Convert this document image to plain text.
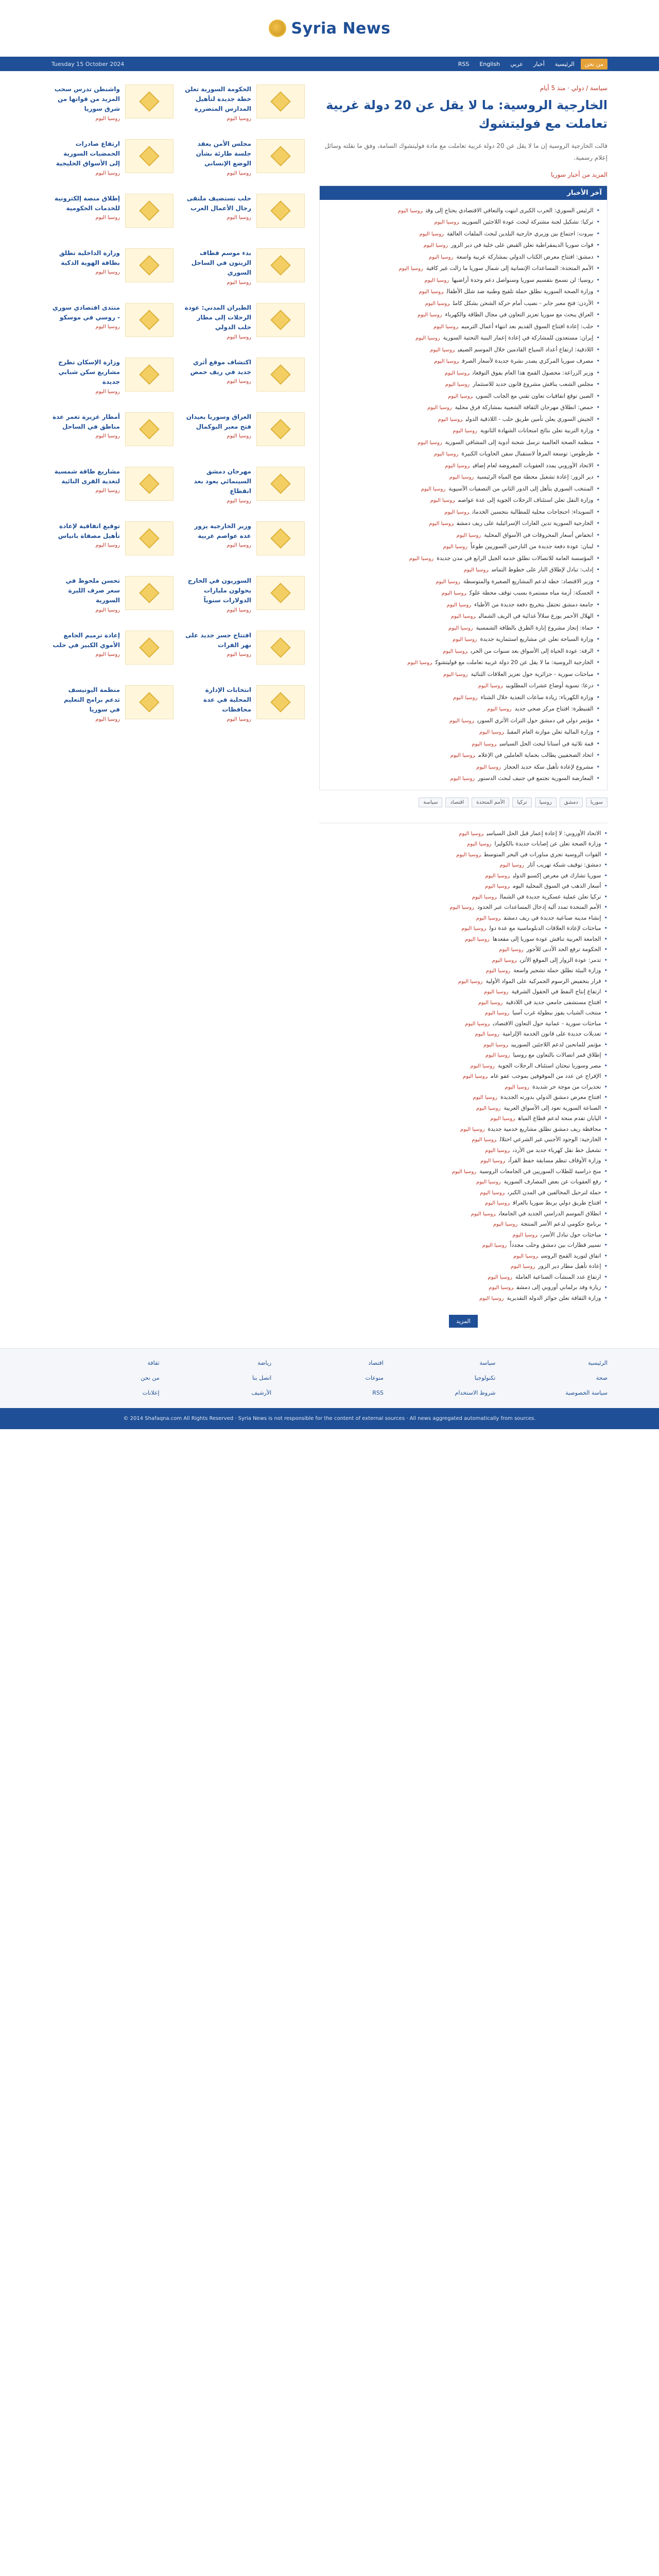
Syria News
من نحن
الرئيسية
أخبار
عربي
English
RSS
Tuesday 15 October 2024
سياسة / دولي · منذ 5 أيام
الخارجية الروسية: ما لا يقل عن 20 دولة غربية تعاملت مع فوليتشوك

قالت الخارجية الروسية إن ما لا يقل عن 20 دولة غربية تعاملت مع مادة فوليتشوك السامة، وفق ما نقلته وسائل إعلام رسمية.

المزيد من أخبار سوريا
آخر الأخبار
• الرئيس السوري: الحرب الكبرى انتهت والتعافي الاقتصادي يحتاج إلى وقتروسيا اليوم
• تركيا: تشكيل لجنة مشتركة لبحث عودة اللاجئين السوريينروسيا اليوم
• بيروت: اجتماع بين وزيري خارجية البلدين لبحث الملفات العالقةروسيا اليوم
• قوات سوريا الديمقراطية تعلن القبض على خلية في دير الزورروسيا اليوم
• دمشق: افتتاح معرض الكتاب الدولي بمشاركة عربية واسعةروسيا اليوم
• الأمم المتحدة: المساعدات الإنسانية إلى شمال سوريا ما زالت غير كافيةروسيا اليوم
• روسيا: لن نسمح بتقسيم سوريا وسنواصل دعم وحدة أراضيهاروسيا اليوم
• وزارة الصحة السورية تطلق حملة تلقيح وطنية ضد شلل الأطفالروسيا اليوم
• الأردن: فتح معبر جابر - نصيب أمام حركة الشحن بشكل كاملروسيا اليوم
• العراق يبحث مع سوريا تعزيز التعاون في مجال الطاقة والكهرباءروسيا اليوم
• حلب: إعادة افتتاح السوق القديم بعد انتهاء أعمال الترميمروسيا اليوم
• إيران: مستعدون للمشاركة في إعادة إعمار البنية التحتية السوريةروسيا اليوم
• اللاذقية: ارتفاع أعداد السياح القادمين خلال الموسم الصيفيروسيا اليوم
• مصرف سوريا المركزي يصدر نشرة جديدة لأسعار الصرفروسيا اليوم
• وزير الزراعة: محصول القمح هذا العام يفوق التوقعاتروسيا اليوم
• مجلس الشعب يناقش مشروع قانون جديد للاستثمارروسيا اليوم
• الصين توقع اتفاقيات تعاون تقني مع الجانب السوريروسيا اليوم
• حمص: انطلاق مهرجان الثقافة الشعبية بمشاركة فرق محليةروسيا اليوم
• الجيش السوري يعلن تأمين طريق حلب - اللاذقية الدوليروسيا اليوم
• وزارة التربية تعلن نتائج امتحانات الشهادة الثانويةروسيا اليوم
• منظمة الصحة العالمية ترسل شحنة أدوية إلى المشافي السوريةروسيا اليوم
• طرطوس: توسعة المرفأ لاستقبال سفن الحاويات الكبيرةروسيا اليوم
• الاتحاد الأوروبي يمدد العقوبات المفروضة لعام إضافيروسيا اليوم
• دير الزور: إعادة تشغيل محطة ضخ المياه الرئيسيةروسيا اليوم
• المنتخب السوري يتأهل إلى الدور الثاني من التصفيات الآسيويةروسيا اليوم
• وزارة النقل تعلن استئناف الرحلات الجوية إلى عدة عواصمروسيا اليوم
• السويداء: احتجاجات محلية للمطالبة بتحسين الخدماتروسيا اليوم
• الخارجية السورية تدين الغارات الإسرائيلية على ريف دمشقروسيا اليوم
• انخفاض أسعار المحروقات في الأسواق المحليةروسيا اليوم
• لبنان: عودة دفعة جديدة من النازحين السوريين طوعاًروسيا اليوم
• المؤسسة العامة للاتصالات تطلق خدمة الجيل الرابع في مدن جديدةروسيا اليوم
• إدلب: تبادل لإطلاق النار على خطوط التماسروسيا اليوم
• وزير الاقتصاد: خطة لدعم المشاريع الصغيرة والمتوسطةروسيا اليوم
• الحسكة: أزمة مياه مستمرة بسبب توقف محطة علوكروسيا اليوم
• جامعة دمشق تحتفل بتخريج دفعة جديدة من الأطباءروسيا اليوم
• الهلال الأحمر يوزع سلالاً غذائية في الريف الشماليروسيا اليوم
• حماة: إنجاز مشروع إنارة الطرق بالطاقة الشمسيةروسيا اليوم
• وزارة السياحة تعلن عن مشاريع استثمارية جديدةروسيا اليوم
• الرقة: عودة الحياة إلى الأسواق بعد سنوات من الحربروسيا اليوم
• الخارجية الروسية: ما لا يقل عن 20 دولة غربية تعاملت مع فوليتشوكروسيا اليوم
• مباحثات سورية - جزائرية حول تعزيز العلاقات الثنائيةروسيا اليوم
• درعا: تسوية أوضاع عشرات المطلوبينروسيا اليوم
• وزارة الكهرباء: زيادة ساعات التغذية خلال الشتاءروسيا اليوم
• القنيطرة: افتتاح مركز صحي جديدروسيا اليوم
• مؤتمر دولي في دمشق حول التراث الأثري السوريروسيا اليوم
• وزارة المالية تعلن موازنة العام المقبلروسيا اليوم
• قمة ثلاثية في أستانا لبحث الحل السياسيروسيا اليوم
• اتحاد الصحفيين يطالب بحماية العاملين في الإعلامروسيا اليوم
• مشروع لإعادة تأهيل سكة حديد الحجازروسيا اليوم
• المعارضة السورية تجتمع في جنيف لبحث الدستورروسيا اليوم
سوريا
دمشق
روسيا
تركيا
الأمم المتحدة
اقتصاد
سياسة
• الاتحاد الأوروبي: لا إعادة إعمار قبل الحل السياسيروسيا اليوم
• وزارة الصحة تعلن عن إصابات جديدة بالكوليراروسيا اليوم
• القوات الروسية تجري مناورات في البحر المتوسطروسيا اليوم
• دمشق: توقيف شبكة تهريب آثارروسيا اليوم
• سوريا تشارك في معرض إكسبو الدوليروسيا اليوم
• أسعار الذهب في السوق المحلية اليومروسيا اليوم
• تركيا تعلن عملية عسكرية جديدة في الشمالروسيا اليوم
• الأمم المتحدة تمدد آلية إدخال المساعدات عبر الحدودروسيا اليوم
• إنشاء مدينة صناعية جديدة في ريف دمشقروسيا اليوم
• مباحثات لإعادة العلاقات الدبلوماسية مع عدة دولروسيا اليوم
• الجامعة العربية تناقش عودة سوريا إلى مقعدهاروسيا اليوم
• الحكومة ترفع الحد الأدنى للأجورروسيا اليوم
• تدمر: عودة الزوار إلى الموقع الأثريروسيا اليوم
• وزارة البيئة تطلق حملة تشجير واسعةروسيا اليوم
• قرار بتخفيض الرسوم الجمركية على المواد الأوليةروسيا اليوم
• ارتفاع إنتاج النفط في الحقول الشرقيةروسيا اليوم
• افتتاح مستشفى جامعي جديد في اللاذقيةروسيا اليوم
• منتخب الشباب يفوز ببطولة غرب آسياروسيا اليوم
• مباحثات سورية - عمانية حول التعاون الاقتصاديروسيا اليوم
• تعديلات جديدة على قانون الخدمة الإلزاميةروسيا اليوم
• مؤتمر للمانحين لدعم اللاجئين السوريينروسيا اليوم
• إطلاق قمر اتصالات بالتعاون مع روسياروسيا اليوم
• مصر وسوريا تبحثان استئناف الرحلات الجويةروسيا اليوم
• الإفراج عن عدد من الموقوفين بموجب عفو عامروسيا اليوم
• تحذيرات من موجة حر شديدةروسيا اليوم
• افتتاح معرض دمشق الدولي بدورته الجديدةروسيا اليوم
• الصناعة السورية تعود إلى الأسواق العربيةروسيا اليوم
• اليابان تقدم منحة لدعم قطاع المياهروسيا اليوم
• محافظة ريف دمشق تطلق مشاريع خدمية جديدةروسيا اليوم
• الخارجية: الوجود الأجنبي غير الشرعي احتلالروسيا اليوم
• تشغيل خط نقل كهرباء جديد من الأردنروسيا اليوم
• وزارة الأوقاف تنظم مسابقة حفظ القرآنروسيا اليوم
• منح دراسية للطلاب السوريين في الجامعات الروسيةروسيا اليوم
• رفع العقوبات عن بعض المصارف السوريةروسيا اليوم
• حملة لترحيل المخالفين في المدن الكبرىروسيا اليوم
• افتتاح طريق دولي يربط سوريا بالعراقروسيا اليوم
• انطلاق الموسم الدراسي الجديد في الجامعاتروسيا اليوم
• برنامج حكومي لدعم الأسر المنتجةروسيا اليوم
• مباحثات حول تبادل الأسرىروسيا اليوم
• تسيير قطارات بين دمشق وحلب مجدداًروسيا اليوم
• اتفاق لتوريد القمح الروسيروسيا اليوم
• إعادة تأهيل مطار دير الزورروسيا اليوم
• ارتفاع عدد المنشآت الصناعية العاملةروسيا اليوم
• زيارة وفد برلماني أوروبي إلى دمشقروسيا اليوم
• وزارة الثقافة تعلن جوائز الدولة التقديريةروسيا اليوم
المزيد
الحكومة السورية تعلن خطة جديدة لتأهيل المدارس المتضررة
روسيا اليوم
واشنطن تدرس سحب المزيد من قواتها من شرق سوريا
روسيا اليوم
مجلس الأمن يعقد جلسة طارئة بشأن الوضع الإنساني
روسيا اليوم
ارتفاع صادرات الحمضيات السورية إلى الأسواق الخليجية
روسيا اليوم
حلب تستضيف ملتقى رجال الأعمال العرب
روسيا اليوم
إطلاق منصة إلكترونية للخدمات الحكومية
روسيا اليوم
بدء موسم قطاف الزيتون في الساحل السوري
روسيا اليوم
وزارة الداخلية تطلق بطاقة الهوية الذكية
روسيا اليوم
الطيران المدني: عودة الرحلات إلى مطار حلب الدولي
روسيا اليوم
منتدى اقتصادي سوري - روسي في موسكو
روسيا اليوم
اكتشاف موقع أثري جديد في ريف حمص
روسيا اليوم
وزارة الإسكان تطرح مشاريع سكن شبابي جديدة
روسيا اليوم
العراق وسوريا يعيدان فتح معبر البوكمال
روسيا اليوم
أمطار غزيرة تغمر عدة مناطق في الساحل
روسيا اليوم
مهرجان دمشق السينمائي يعود بعد انقطاع
روسيا اليوم
مشاريع طاقة شمسية لتغذية القرى النائية
روسيا اليوم
وزير الخارجية يزور عدة عواصم عربية
روسيا اليوم
توقيع اتفاقية لإعادة تأهيل مصفاة بانياس
روسيا اليوم
السوريون في الخارج يحولون مليارات الدولارات سنوياً
روسيا اليوم
تحسن ملحوظ في سعر صرف الليرة السورية
روسيا اليوم
افتتاح جسر جديد على نهر الفرات
روسيا اليوم
إعادة ترميم الجامع الأموي الكبير في حلب
روسيا اليوم
انتخابات الإدارة المحلية في عدة محافظات
روسيا اليوم
منظمة اليونيسف تدعم برامج التعليم في سوريا
روسيا اليوم
الرئيسية
سياسة
اقتصاد
رياضة
ثقافة
صحة
تكنولوجيا
منوعات
اتصل بنا
من نحن
سياسة الخصوصية
شروط الاستخدام
RSS
الأرشيف
إعلانات
© 2014 Shafaqna.com All Rights Reserved · Syria News is not responsible for the content of external sources · All news aggregated automatically from sources.
